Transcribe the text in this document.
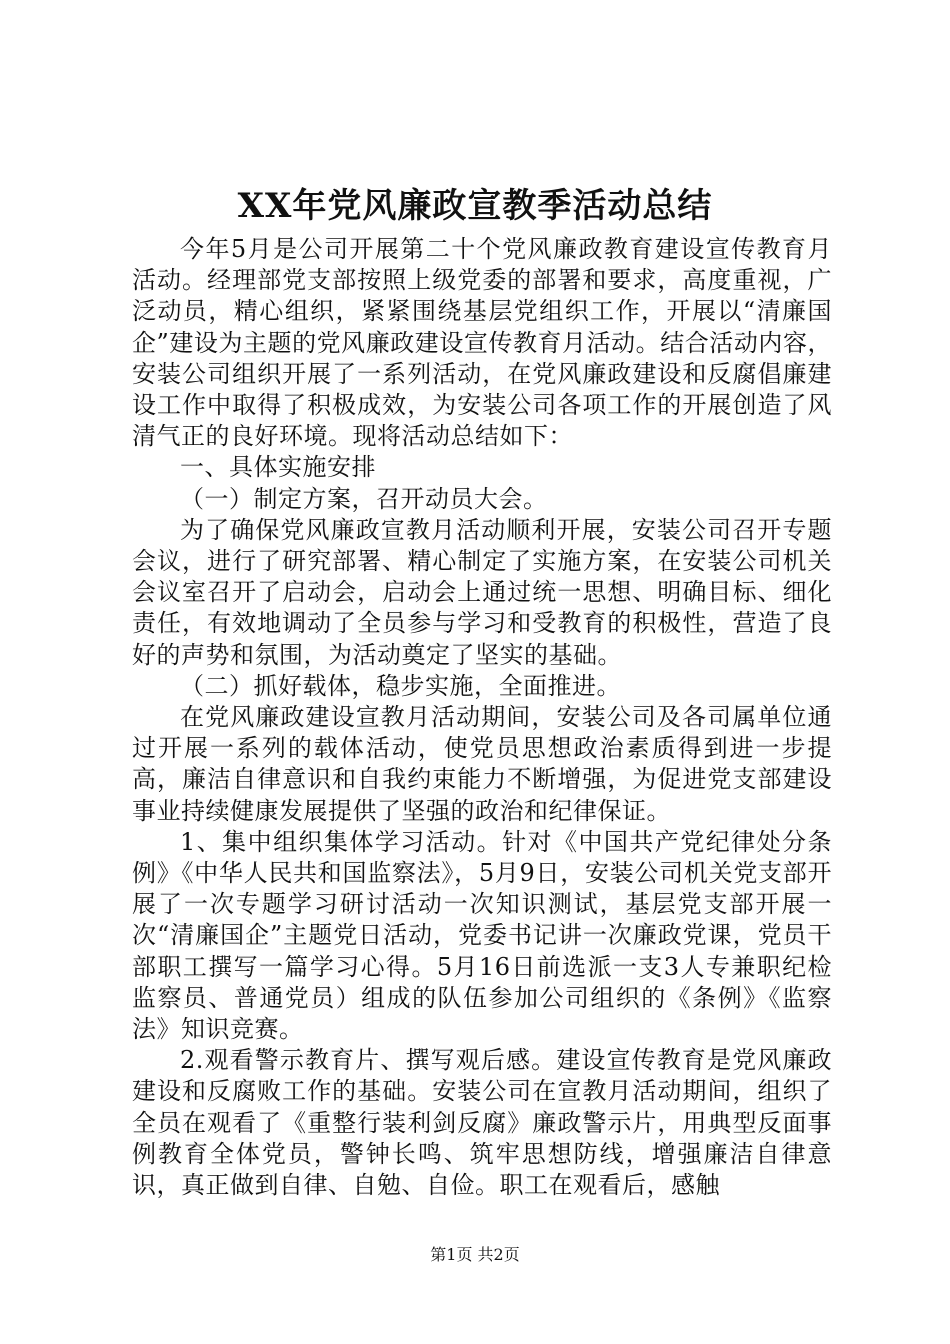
XX年党风廉政宣教季活动总结

今年5月是公司开展第二十个党风廉政教育建设宣传教育月活动。经理部党支部按照上级党委的部署和要求，高度重视，广泛动员，精心组织，紧紧围绕基层党组织工作，开展以“清廉国企”建设为主题的党风廉政建设宣传教育月活动。结合活动内容，安装公司组织开展了一系列活动，在党风廉政建设和反腐倡廉建设工作中取得了积极成效，为安装公司各项工作的开展创造了风清气正的良好环境。现将活动总结如下：

一、具体实施安排

（一）制定方案，召开动员大会。

为了确保党风廉政宣教月活动顺利开展，安装公司召开专题会议，进行了研究部署、精心制定了实施方案，在安装公司机关会议室召开了启动会，启动会上通过统一思想、明确目标、细化责任，有效地调动了全员参与学习和受教育的积极性，营造了良好的声势和氛围，为活动奠定了坚实的基础。

（二）抓好载体，稳步实施，全面推进。

在党风廉政建设宣教月活动期间，安装公司及各司属单位通过开展一系列的载体活动，使党员思想政治素质得到进一步提高，廉洁自律意识和自我约束能力不断增强，为促进党支部建设事业持续健康发展提供了坚强的政治和纪律保证。

1、集中组织集体学习活动。针对《中国共产党纪律处分条例》《中华人民共和国监察法》，5月9日，安装公司机关党支部开展了一次专题学习研讨活动一次知识测试，基层党支部开展一次“清廉国企”主题党日活动，党委书记讲一次廉政党课，党员干部职工撰写一篇学习心得。5月16日前选派一支3人专兼职纪检监察员、普通党员）组成的队伍参加公司组织的《条例》《监察法》知识竞赛。

2.观看警示教育片、撰写观后感。建设宣传教育是党风廉政建设和反腐败工作的基础。安装公司在宣教月活动期间，组织了全员在观看了《重整行装利剑反腐》廉政警示片，用典型反面事例教育全体党员，警钟长鸣、筑牢思想防线，增强廉洁自律意识，真正做到自律、自勉、自俭。职工在观看后，感触

第1页 共2页
